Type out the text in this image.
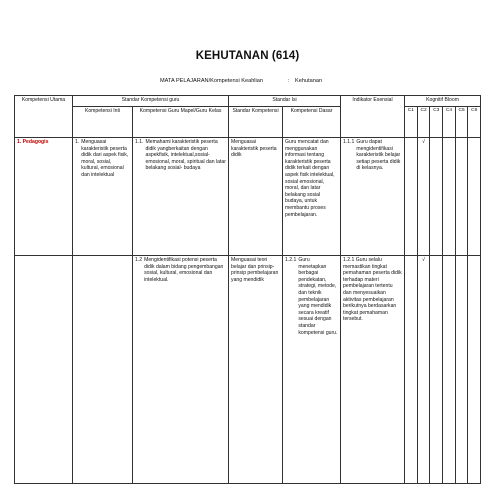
KEHUTANAN (614)
MATA PELAJARAN/Kompetensi Keahlian	: Kehutanan
Kompetensi Utama	Standar Kompetensi guru		Standar Isi		Indikator Esensial	Kognitif Bloom					
	Kompetensi Inti	Kompetensi Guru Mapel/Guru Kelas	Standar Kompetensi	Kompetensi Dasar							
						C1	C2	C3	C4	C5	C6
1. Pedagogis	1. Menguasai karakteristik peserta didik dari aspek fisik, moral, sosial, kultural, emosional dan intelektual	1.1. Memahami karakteristik peserta didik yangberkaitan dengan aspekfisik, intelektual,sosial-emosional, moral, spiritual dan latar belakang sosial- budaya	Menguasai karakteristik peserta didik	Guru mencatat dan menggunakan informasi tentang karakteristik peserta didik terkait dengan aspek fisik intelektual, sosial emosional, moral, dan latar belakang sosial budaya, untuk membantu proses pembelajaran.	1.1.1 Guru dapat mengidentifikasi karakteristik belajar setiap peserta didik di kelasnya.		√				

		1.2 Mengidentifikasi potensi peserta didik dalam bidang pengembangan sosial, kultural, emosional dan intelektual.	Menguasai teori belajar dan prinsip-prinsip pembelajaran yang mendidik	1.2.1 Guru menetapkan berbagai pendekatan, strategi, metode, dan teknik pembelajaran yang mendidik secara kreatif sesuai dengan standar kompetensi guru.	1.2.1 Guru selalu memastikan tingkat pemahaman peserta didik terhadap materi pembelajaran tertentu dan menyesuaikan aktivitas pembelajaran berikutnya berdasarkan tingkat pemahaman tersebut.		√				
